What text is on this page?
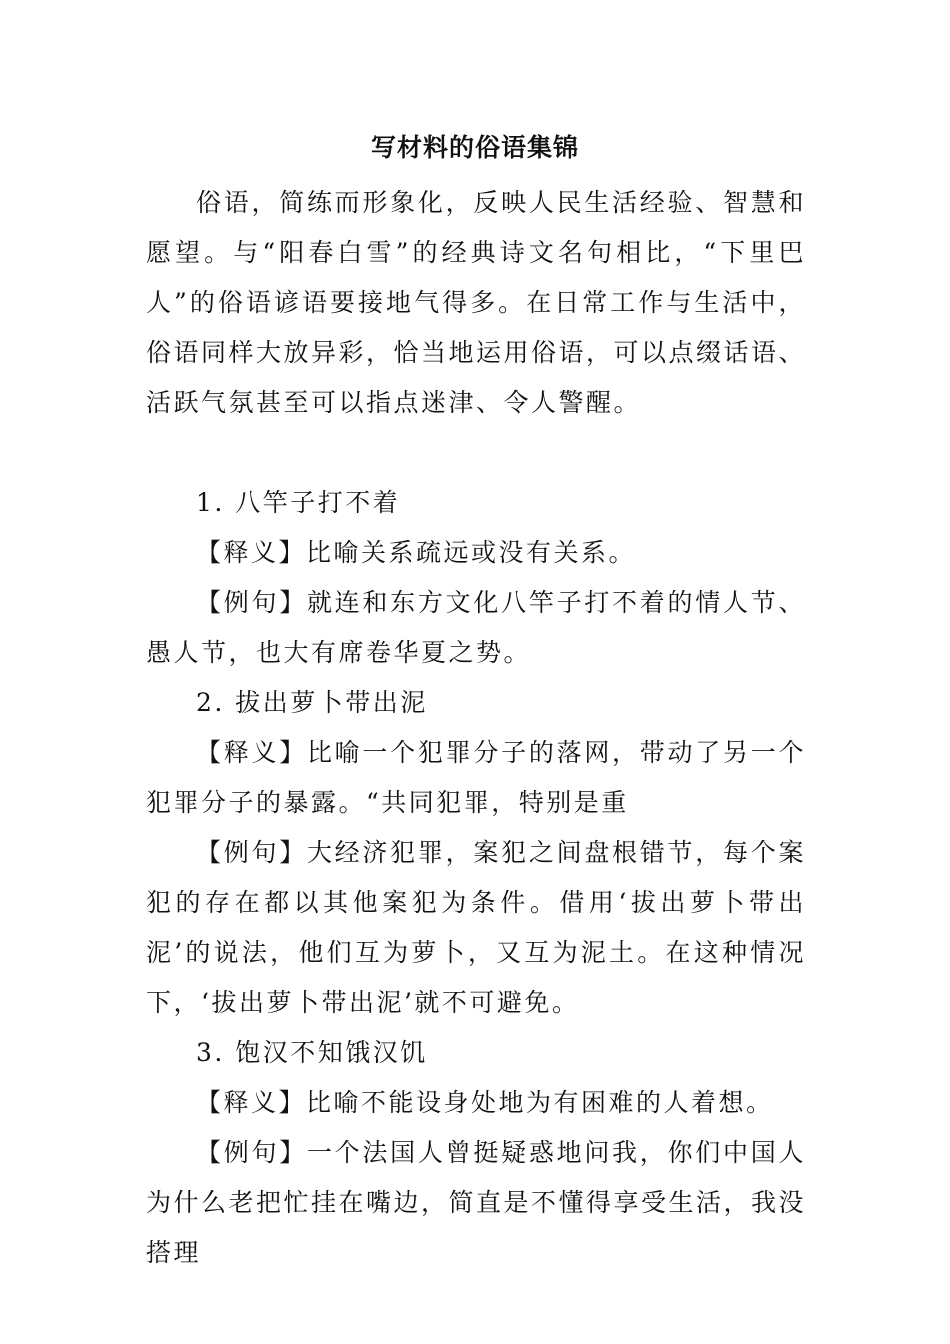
写材料的俗语集锦

俗语，简练而形象化，反映人民生活经验、智慧和愿望。与“阳春白雪”的经典诗文名句相比，“下里巴人”的俗语谚语要接地气得多。在日常工作与生活中，俗语同样大放异彩，恰当地运用俗语，可以点缀话语、活跃气氛甚至可以指点迷津、令人警醒。

1. 八竿子打不着

【释义】比喻关系疏远或没有关系。

【例句】就连和东方文化八竿子打不着的情人节、愚人节，也大有席卷华夏之势。

2. 拔出萝卜带出泥

【释义】比喻一个犯罪分子的落网，带动了另一个犯罪分子的暴露。“共同犯罪，特别是重

【例句】大经济犯罪，案犯之间盘根错节，每个案犯的存在都以其他案犯为条件。借用‘拔出萝卜带出泥’的说法，他们互为萝卜，又互为泥土。在这种情况下，‘拔出萝卜带出泥’就不可避免。

3. 饱汉不知饿汉饥

【释义】比喻不能设身处地为有困难的人着想。

【例句】一个法国人曾挺疑惑地问我，你们中国人为什么老把忙挂在嘴边，简直是不懂得享受生活，我没搭理
